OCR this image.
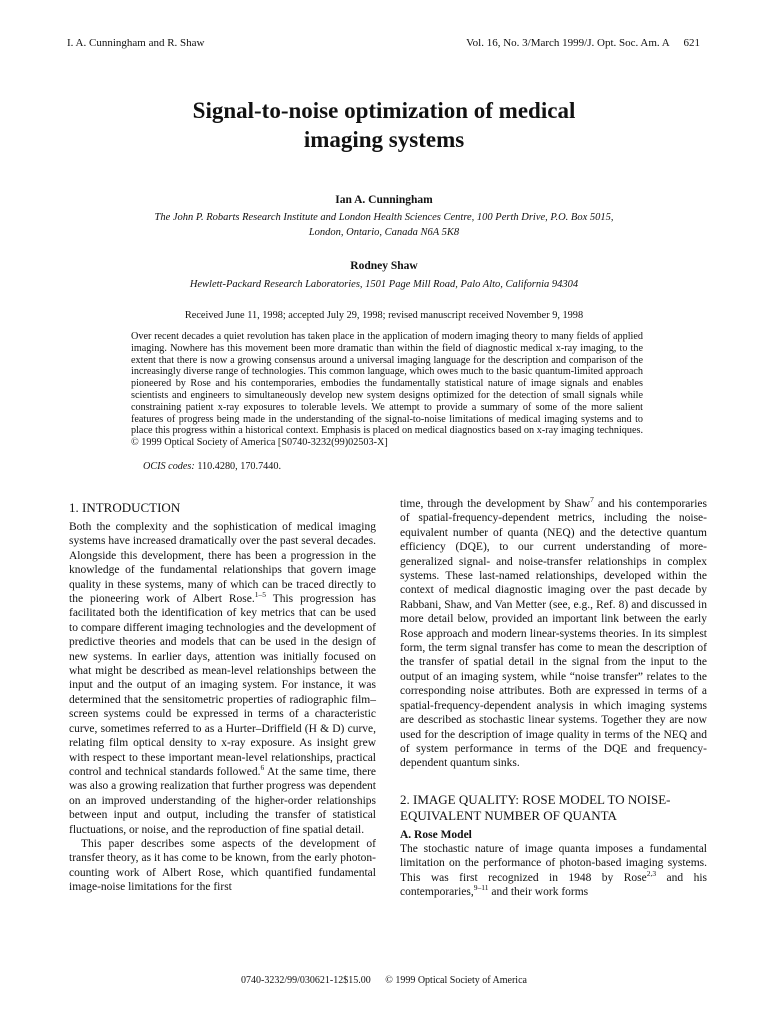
I. A. Cunningham and R. Shaw	Vol. 16, No. 3/March 1999/J. Opt. Soc. Am. A 621
Signal-to-noise optimization of medical
imaging systems
Ian A. Cunningham
The John P. Robarts Research Institute and London Health Sciences Centre, 100 Perth Drive, P.O. Box 5015,
London, Ontario, Canada N6A 5K8
Rodney Shaw
Hewlett-Packard Research Laboratories, 1501 Page Mill Road, Palo Alto, California 94304
Received June 11, 1998; accepted July 29, 1998; revised manuscript received November 9, 1998
Over recent decades a quiet revolution has taken place in the application of modern imaging theory to many fields of applied imaging. Nowhere has this movement been more dramatic than within the field of diagnostic medical x-ray imaging, to the extent that there is now a growing consensus around a universal imaging language for the description and comparison of the increasingly diverse range of technologies. This common language, which owes much to the basic quantum-limited approach pioneered by Rose and his contemporaries, embodies the fundamentally statistical nature of image signals and enables scientists and engineers to simultaneously develop new system designs optimized for the detection of small signals while constraining patient x-ray exposures to tolerable levels. We attempt to provide a summary of some of the more salient features of progress being made in the understanding of the signal-to-noise limitations of medical imaging systems and to place this progress within a historical context. Emphasis is placed on medical diagnostics based on x-ray imaging techniques. © 1999 Optical Society of America [S0740-3232(99)02503-X]
OCIS codes: 110.4280, 170.7440.
1. INTRODUCTION

Both the complexity and the sophistication of medical imaging systems have increased dramatically over the past several decades. Alongside this development, there has been a progression in the knowledge of the fundamental relationships that govern image quality in these systems, many of which can be traced directly to the pioneering work of Albert Rose.$^{1-5}$ This progression has facilitated both the identification of key metrics that can be used to compare different imaging technologies and the development of predictive theories and models that can be used in the design of new systems. In earlier days, attention was initially focused on what might be described as mean-level relationships between the input and the output of an imaging system. For instance, it was determined that the sensitometric properties of radiographic film–screen systems could be expressed in terms of a characteristic curve, sometimes referred to as a Hurter–Driffield (H & D) curve, relating film optical density to x-ray exposure. As insight grew with respect to these important mean-level relationships, practical control and technical standards followed.$^6$ At the same time, there was also a growing realization that further progress was dependent on an improved understanding of the higher-order relationships between input and output, including the transfer of statistical fluctuations, or noise, and the reproduction of fine spatial detail.

This paper describes some aspects of the development of transfer theory, as it has come to be known, from the early photon-counting work of Albert Rose, which quantified fundamental image-noise limitations for the first

time, through the development by Shaw$^7$ and his contemporaries of spatial-frequency-dependent metrics, including the noise-equivalent number of quanta (NEQ) and the detective quantum efficiency (DQE), to our current understanding of more-generalized signal- and noise-transfer relationships in complex systems. These last-named relationships, developed within the context of medical diagnostic imaging over the past decade by Rabbani, Shaw, and Van Metter (see, e.g., Ref. 8) and discussed in more detail below, provided an important link between the early Rose approach and modern linear-systems theories. In its simplest form, the term signal transfer has come to mean the description of the transfer of spatial detail in the signal from the input to the output of an imaging system, while “noise transfer” relates to the corresponding noise attributes. Both are expressed in terms of a spatial-frequency-dependent analysis in which imaging systems are described as stochastic linear systems. Together they are now used for the description of image quality in terms of the NEQ and of system performance in terms of the DQE and frequency-dependent quantum sinks.

2. IMAGE QUALITY: ROSE MODEL TO NOISE-EQUIVALENT NUMBER OF QUANTA
A. Rose Model

The stochastic nature of image quanta imposes a fundamental limitation on the performance of photon-based imaging systems. This was first recognized in 1948 by Rose$^{2,3}$ and his contemporaries,$^{9-11}$ and their work forms

0740-3232/99/030621-12$15.00 © 1999 Optical Society of America
